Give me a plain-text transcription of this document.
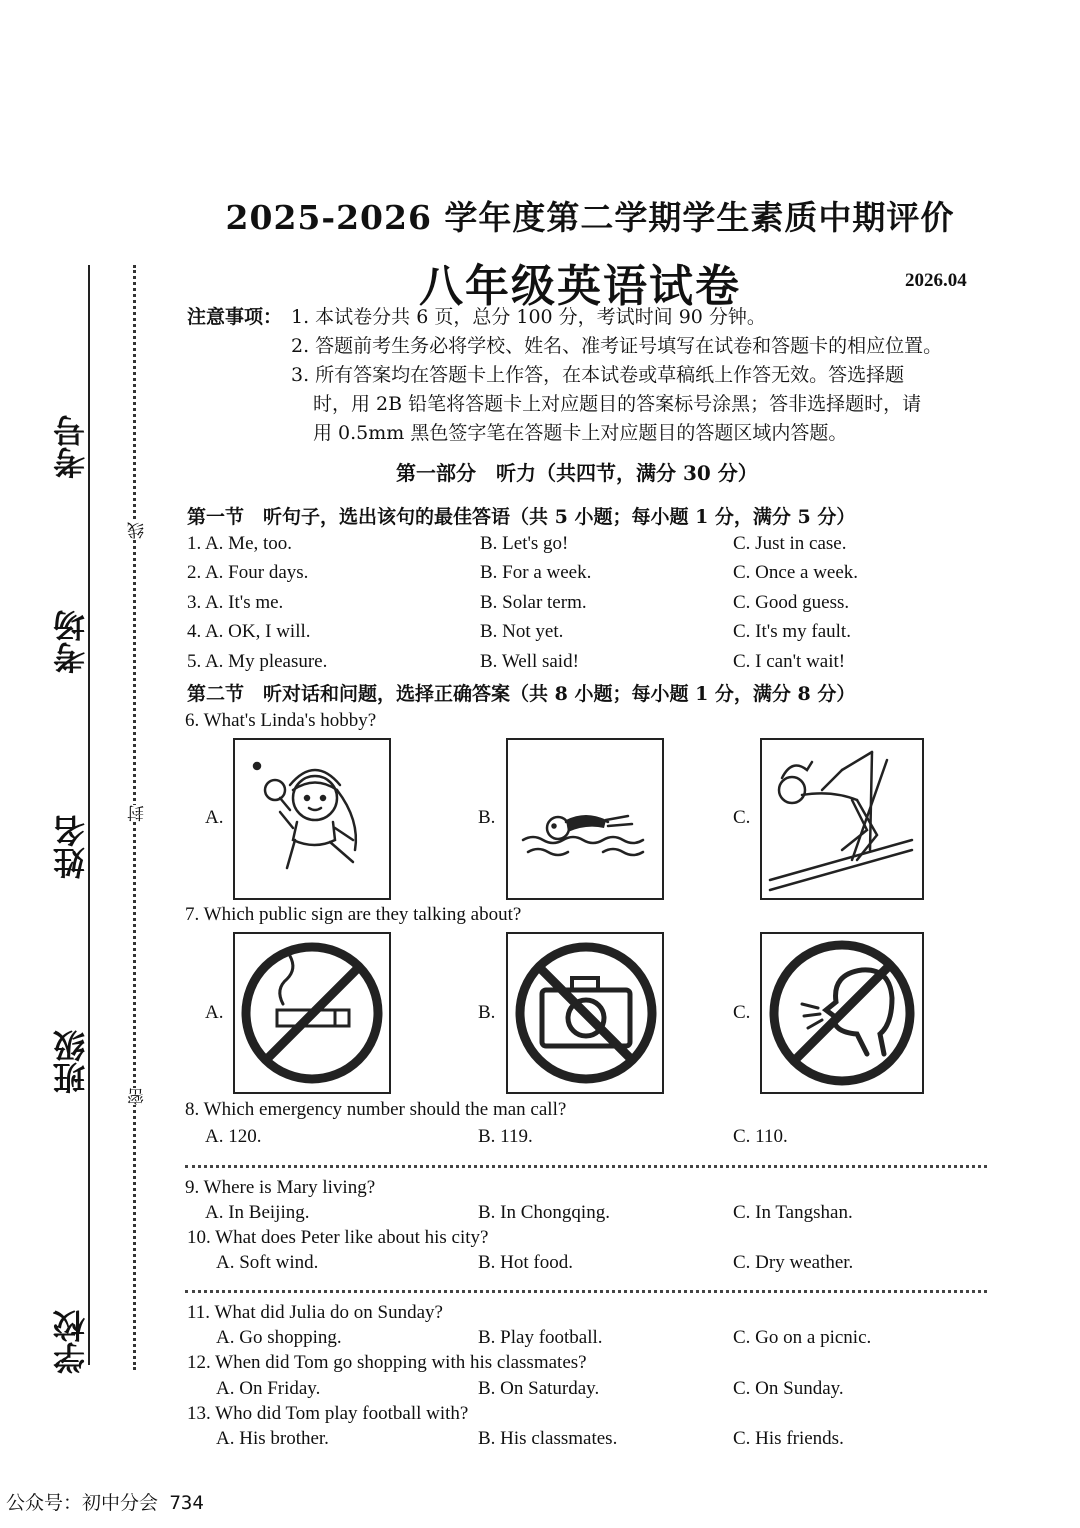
考号
考场
姓名
班级
学校
线
封
密
2025-2026 学年度第二学期学生素质中期评价
八年级英语试卷	2026.04
注意事项： 1. 本试卷分共 6 页，总分 100 分，考试时间 90 分钟。
2. 答题前考生务必将学校、姓名、准考证号填写在试卷和答题卡的相应位置。
3. 所有答案均在答题卡上作答，在本试卷或草稿纸上作答无效。答选择题
时，用 2B 铅笔将答题卡上对应题目的答案标号涂黑；答非选择题时，请
用 0.5mm 黑色签字笔在答题卡上对应题目的答题区域内答题。
第一部分　听力（共四节，满分 30 分）
第一节　听句子，选出该句的最佳答语（共 5 小题；每小题 1 分，满分 5 分）
1. A. Me, too.	B. Let's go!	C. Just in case.
2. A. Four days.	B. For a week.	C. Once a week.
3. A. It's me.	B. Solar term.	C. Good guess.
4. A. OK, I will.	B. Not yet.	C. It's my fault.
5. A. My pleasure.	B. Well said!	C. I can't wait!
第二节　听对话和问题，选择正确答案（共 8 小题；每小题 1 分，满分 8 分）
6. What's Linda's hobby?
A.	B.	C.
7. Which public sign are they talking about?
A.	B.	C.
8. Which emergency number should the man call?
A. 120.	B. 119.	C. 110.
9. Where is Mary living?
A. In Beijing.	B. In Chongqing.	C. In Tangshan.
10. What does Peter like about his city?
A. Soft wind.	B. Hot food.	C. Dry weather.
11. What did Julia do on Sunday?
A. Go shopping.	B. Play football.	C. Go on a picnic.
12. When did Tom go shopping with his classmates?
A. On Friday.	B. On Saturday.	C. On Sunday.
13. Who did Tom play football with?
A. His brother.	B. His classmates.	C. His friends.
公众号：初中分会 734
